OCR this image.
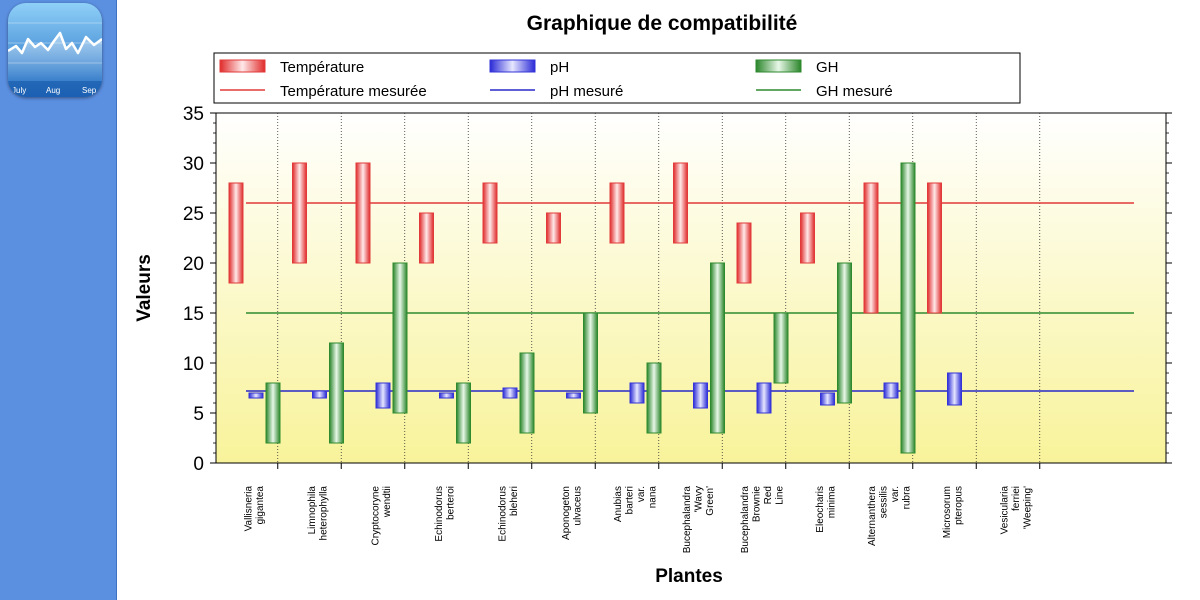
July Aug	Sep
Graphique de compatibilité
Température	pH	GH
Température mesurée	pH mesuré	GH mesuré
0
5
10
15
20
25
30
35
Vallisneria gigantea	Limnophila heterophylla	Cryptocoryne wendtii	Echinodorus berteroi	Echinodorus bleheri	Aponogeton ulvaceus	Anubias barteri var. nana Bucephalandra 'Wavy Green' Bucephalandra Brownie Red Line	Eleocharis minima	Alternanthera sessilis var. rubra	Microsorum pteropus	Vesicularia ferriei 'Weeping'
Plantes
Valeurs
